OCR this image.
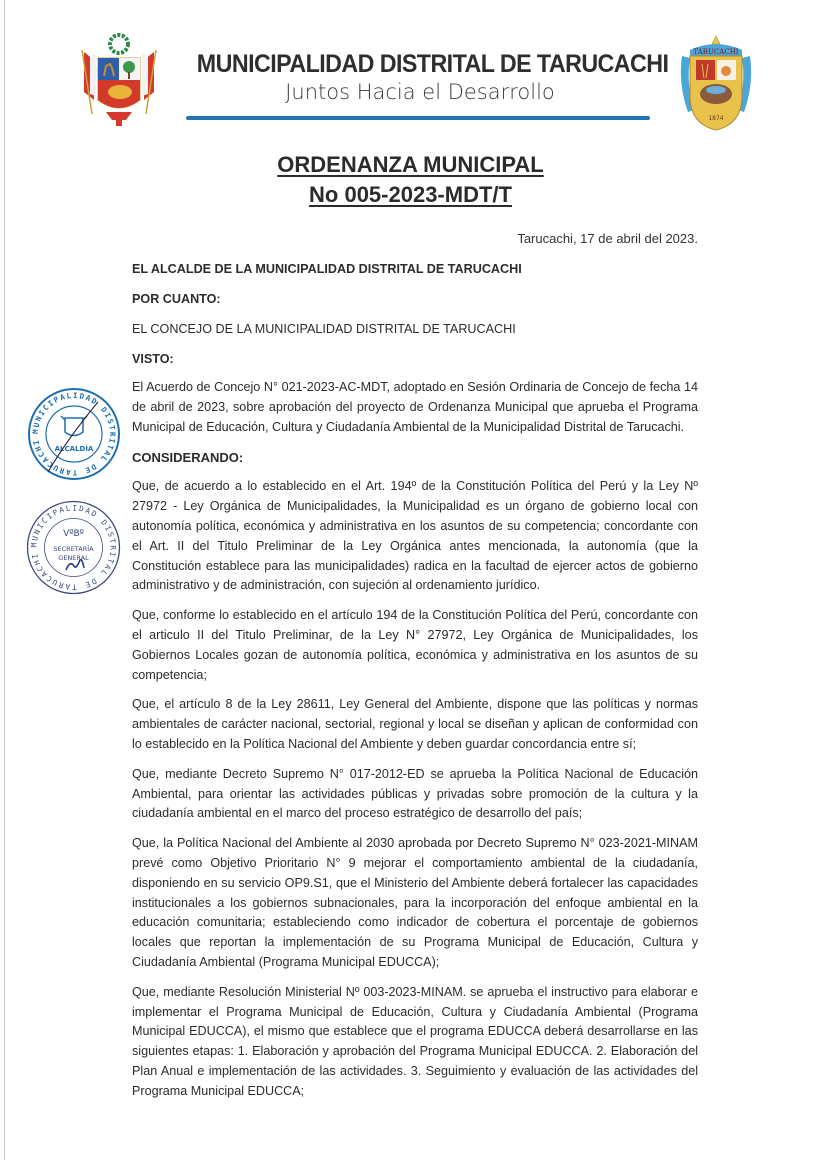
MUNICIPALIDAD DISTRITAL DE TARUCACHI
Juntos Hacia el Desarrollo
TARUCACHI
1874
ORDENANZA MUNICIPAL
No 005-2023-MDT/T
Tarucachi, 17 de abril del 2023.
EL ALCALDE DE LA MUNICIPALIDAD DISTRITAL DE TARUCACHI
POR CUANTO:
EL CONCEJO DE LA MUNICIPALIDAD DISTRITAL DE TARUCACHI
VISTO:
El Acuerdo de Concejo N° 021-2023-AC-MDT, adoptado en Sesión Ordinaria de Concejo de fecha 14 de abril de 2023, sobre aprobación del proyecto de Ordenanza Municipal que aprueba el Programa Municipal de Educación, Cultura y Ciudadanía Ambiental de la Municipalidad Distrital de Tarucachi.
CONSIDERANDO:
Que, de acuerdo a lo establecido en el Art. 194º de la Constitución Política del Perú y la Ley Nº 27972 - Ley Orgánica de Municipalidades, la Municipalidad es un órgano de gobierno local con autonomía política, económica y administrativa en los asuntos de su competencia; concordante con el Art. II del Titulo Preliminar de la Ley Orgánica antes mencionada, la autonomía (que la Constitución establece para las municipalidades) radica en la facultad de ejercer actos de gobierno administrativo y de administración, con sujeción al ordenamiento jurídico.
Que, conforme lo establecido en el artículo 194 de la Constitución Política del Perú, concordante con el articulo II del Titulo Preliminar, de la Ley N° 27972, Ley Orgánica de Municipalidades, los Gobiernos Locales gozan de autonomía política, económica y administrativa en los asuntos de su competencia;
Que, el artículo 8 de la Ley 28611, Ley General del Ambiente, dispone que las políticas y normas ambientales de carácter nacional, sectorial, regional y local se diseñan y aplican de conformidad con lo establecido en la Política Nacional del Ambiente y deben guardar concordancia entre sí;
Que, mediante Decreto Supremo N° 017-2012-ED se aprueba la Política Nacional de Educación Ambiental, para orientar las actividades públicas y privadas sobre promoción de la cultura y la ciudadanía ambiental en el marco del proceso estratégico de desarrollo del país;
Que, la Política Nacional del Ambiente al 2030 aprobada por Decreto Supremo N° 023-2021-MINAM prevé como Objetivo Prioritario N° 9 mejorar el comportamiento ambiental de la ciudadanía, disponiendo en su servicio OP9.S1, que el Ministerio del Ambiente deberá fortalecer las capacidades institucionales a los gobiernos subnacionales, para la incorporación del enfoque ambiental en la educación comunitaria; estableciendo como indicador de cobertura el porcentaje de gobiernos locales que reportan la implementación de su Programa Municipal de Educación, Cultura y Ciudadanía Ambiental (Programa Municipal EDUCCA);
Que, mediante Resolución Ministerial Nº 003-2023-MINAM. se aprueba el instructivo para elaborar e implementar el Programa Municipal de Educación, Cultura y Ciudadanía Ambiental (Programa Municipal EDUCCA), el mismo que establece que el programa EDUCCA deberá desarrollarse en las siguientes etapas: 1. Elaboración y aprobación del Programa Municipal EDUCCA. 2. Elaboración del Plan Anual e implementación de las actividades. 3. Seguimiento y evaluación de las actividades del Programa Municipal EDUCCA;
MUNICIPALIDAD DISTRITAL DE TARUCACHI
ALCALDÍA
MUNICIPALIDAD DISTRITAL DE TARUCACHI
VºBº
SECRETARÍA
GENERAL
